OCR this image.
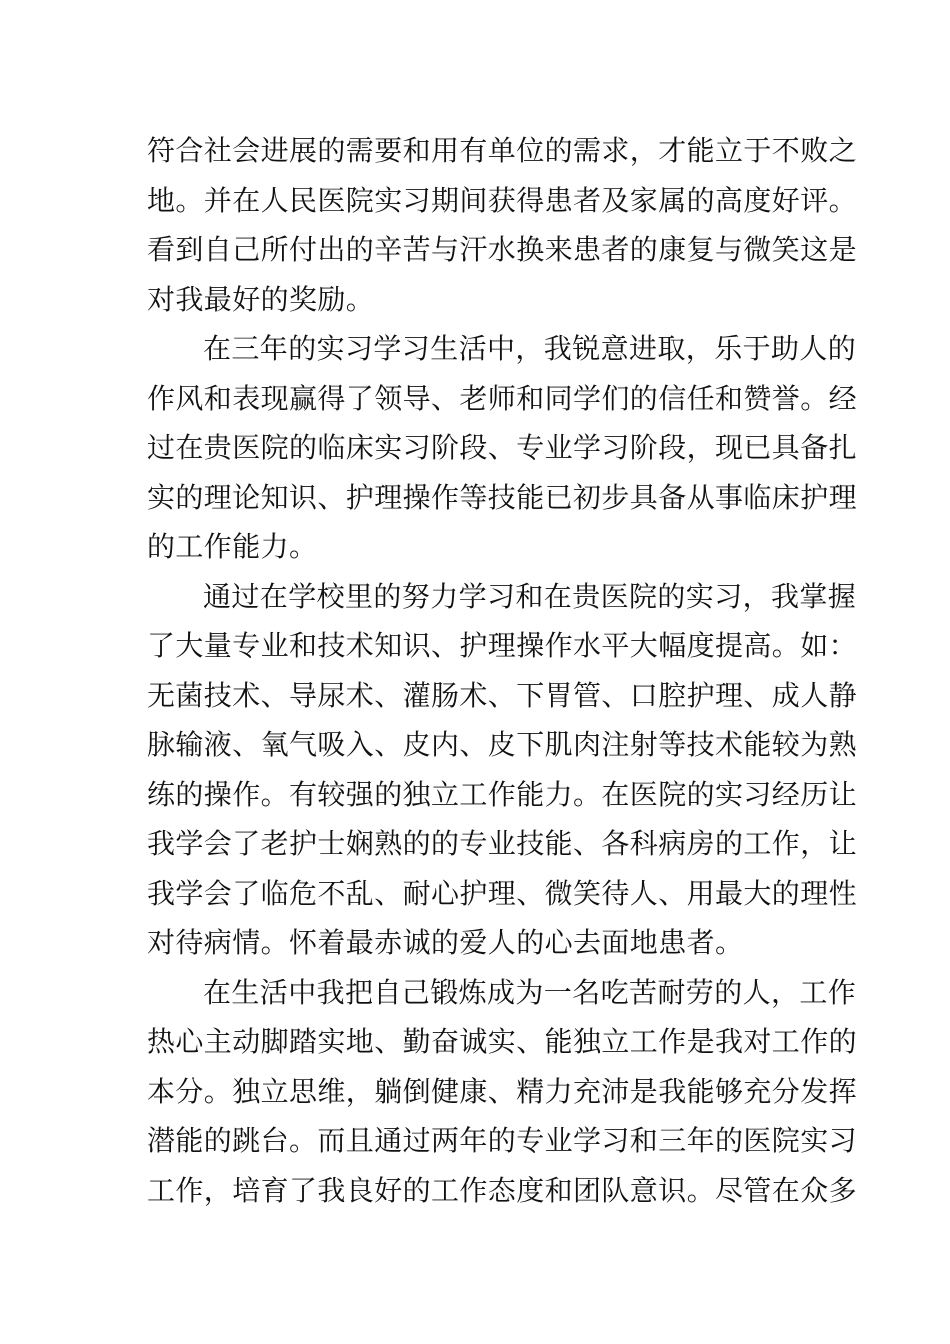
符合社会进展的需要和用有单位的需求，才能立于不败之
地。并在人民医院实习期间获得患者及家属的高度好评。
看到自己所付出的辛苦与汗水换来患者的康复与微笑这是
对我最好的奖励。
在三年的实习学习生活中，我锐意进取，乐于助人的
作风和表现赢得了领导、老师和同学们的信任和赞誉。经
过在贵医院的临床实习阶段、专业学习阶段，现已具备扎
实的理论知识、护理操作等技能已初步具备从事临床护理
的工作能力。
通过在学校里的努力学习和在贵医院的实习，我掌握
了大量专业和技术知识、护理操作水平大幅度提高。如：
无菌技术、导尿术、灌肠术、下胃管、口腔护理、成人静
脉输液、氧气吸入、皮内、皮下肌肉注射等技术能较为熟
练的操作。有较强的独立工作能力。在医院的实习经历让
我学会了老护士娴熟的的专业技能、各科病房的工作，让
我学会了临危不乱、耐心护理、微笑待人、用最大的理性
对待病情。怀着最赤诚的爱人的心去面地患者。
在生活中我把自己锻炼成为一名吃苦耐劳的人，工作
热心主动脚踏实地、勤奋诚实、能独立工作是我对工作的
本分。独立思维，躺倒健康、精力充沛是我能够充分发挥
潜能的跳台。而且通过两年的专业学习和三年的医院实习
工作，培育了我良好的工作态度和团队意识。尽管在众多
